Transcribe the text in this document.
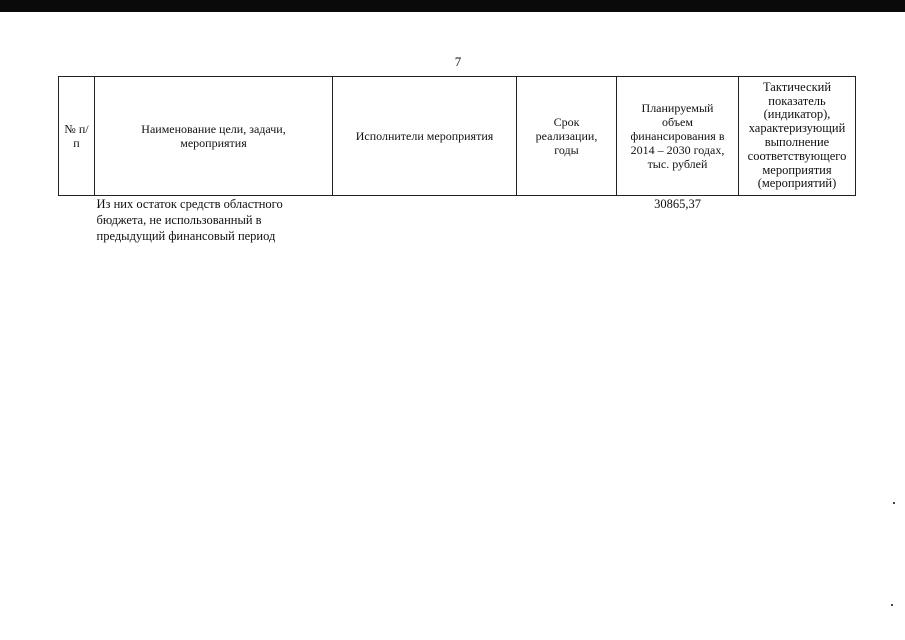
7
№ п/п	Наименование цели, задачи, мероприятия	Исполнители мероприятия	Срок реализации, годы	Планируемый объем финансирования в 2014 – 2030 годах, тыс. рублей	Тактический показатель (индикатор), характеризующий выполнение соответствующего мероприятия (мероприятий)
	Из них остаток средств областного бюджета, не использованный в предыдущий финансовый период			30865,37	
